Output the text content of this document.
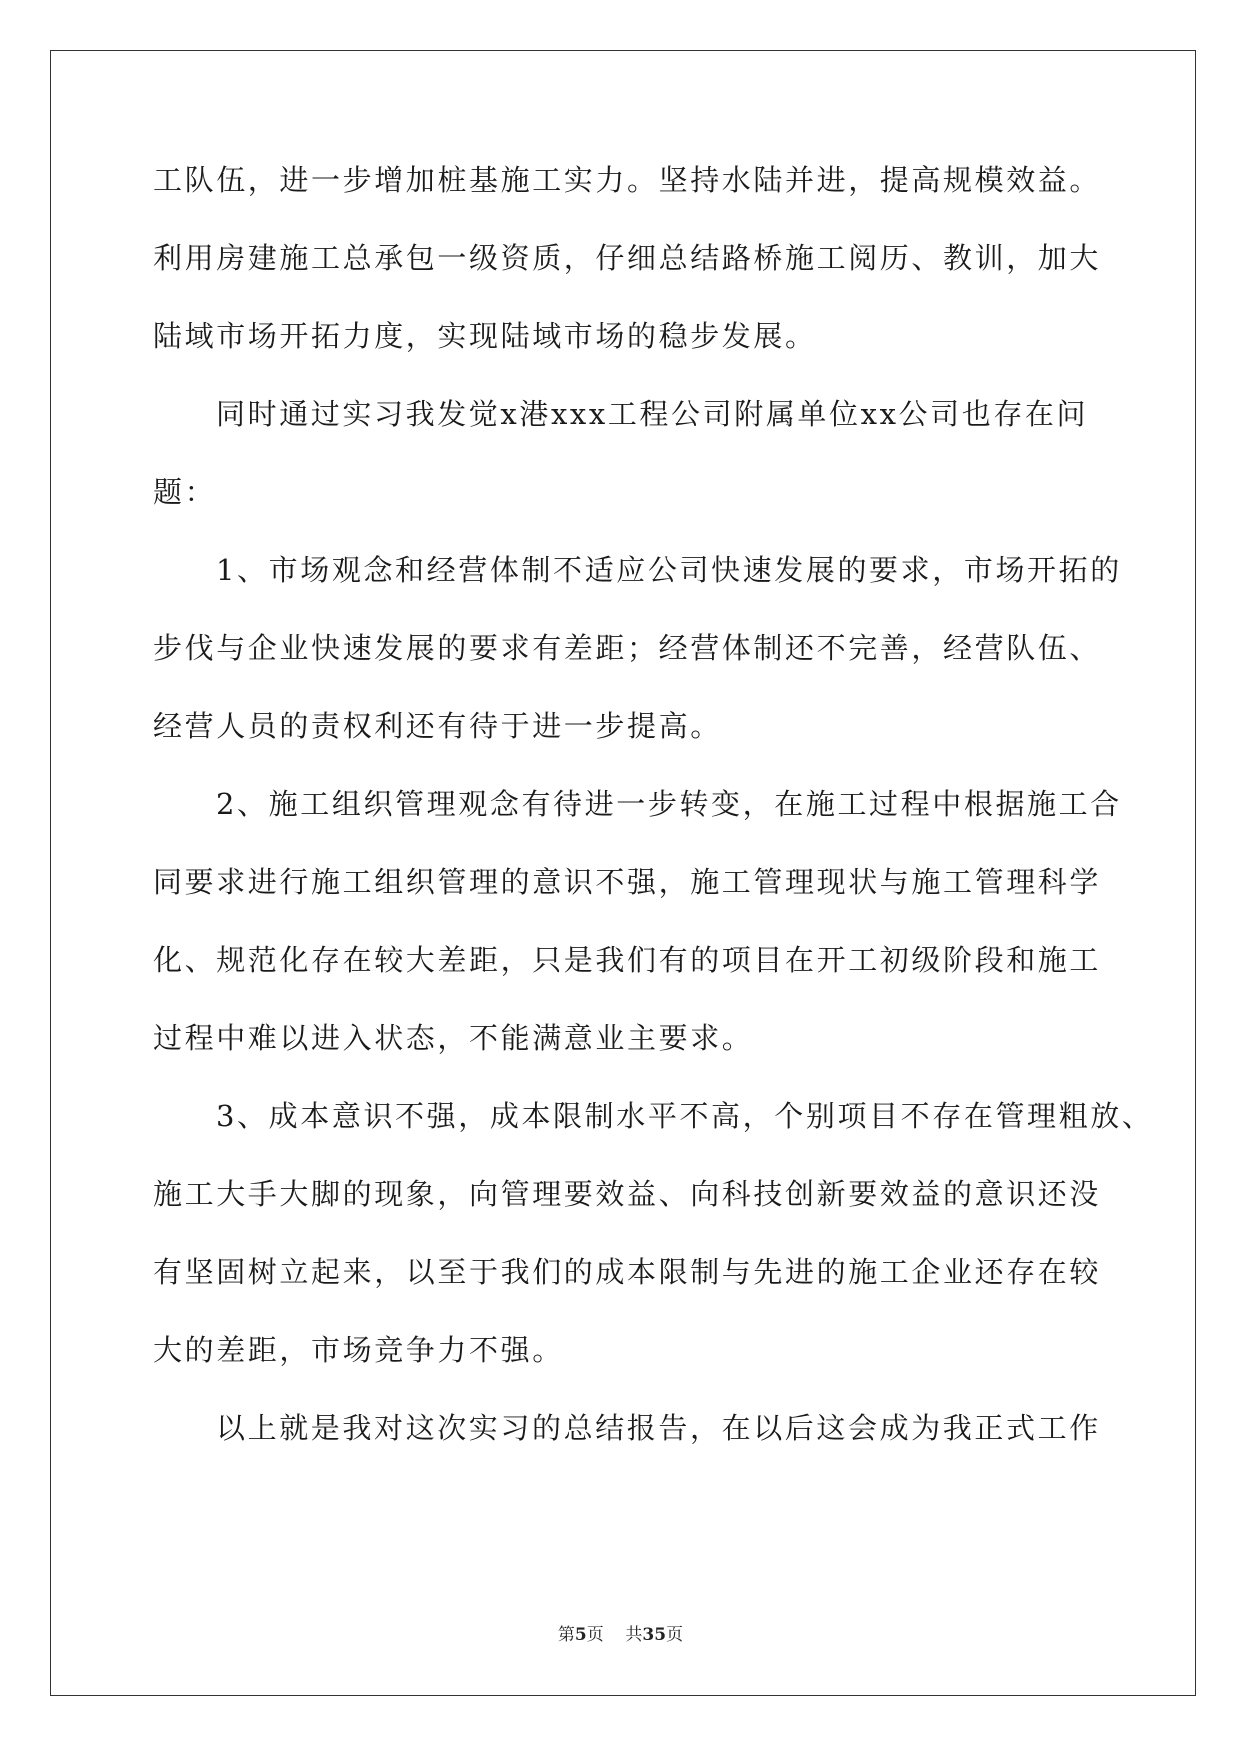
工队伍，进一步增加桩基施工实力。坚持水陆并进，提高规模效益。
利用房建施工总承包一级资质，仔细总结路桥施工阅历、教训，加大
陆域市场开拓力度，实现陆域市场的稳步发展。
同时通过实习我发觉x港xxx工程公司附属单位xx公司也存在问
题：
1、市场观念和经营体制不适应公司快速发展的要求，市场开拓的
步伐与企业快速发展的要求有差距；经营体制还不完善，经营队伍、
经营人员的责权利还有待于进一步提高。
2、施工组织管理观念有待进一步转变，在施工过程中根据施工合
同要求进行施工组织管理的意识不强，施工管理现状与施工管理科学
化、规范化存在较大差距，只是我们有的项目在开工初级阶段和施工
过程中难以进入状态，不能满意业主要求。
3、成本意识不强，成本限制水平不高，个别项目不存在管理粗放、
施工大手大脚的现象，向管理要效益、向科技创新要效益的意识还没
有坚固树立起来，以至于我们的成本限制与先进的施工企业还存在较
大的差距，市场竞争力不强。
以上就是我对这次实习的总结报告，在以后这会成为我正式工作
第5页 共35页
